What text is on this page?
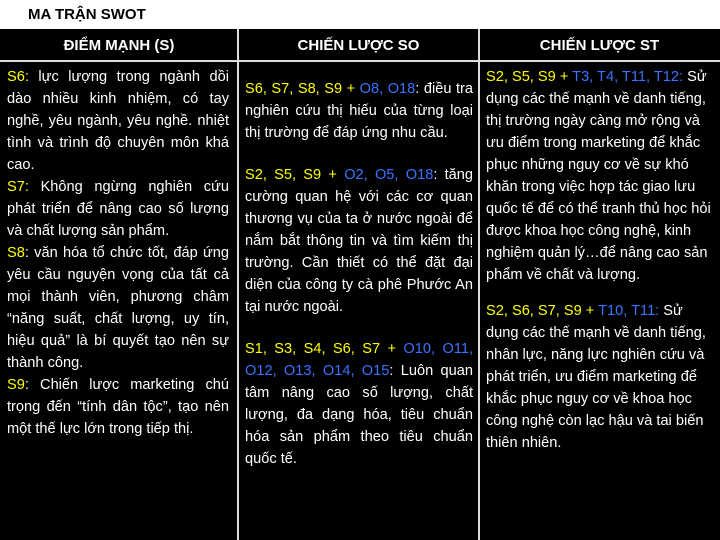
MA TRẬN SWOT
ĐIỂM MẠNH (S)	CHIẾN LƯỢC SO	CHIẾN LƯỢC ST
S6: lực lượng trong ngành dồi dào nhiều kinh nhiệm, có tay nghề, yêu ngành, yêu nghề. nhiệt tình và trình độ chuyên môn khá cao.
S7: Không ngừng nghiên cứu phát triển để nâng cao số lượng và chất lượng sản phẩm.
S8: văn hóa tổ chức tốt, đáp ứng yêu cầu nguyện vọng của tất cả mọi thành viên, phương châm “năng suất, chất lượng, uy tín, hiệu quả” là bí quyết tạo nên sự thành công.
S9: Chiến lược marketing chú trọng đến “tính dân tộc”, tạo nên một thế lực lớn trong tiếp thị.
S6, S7, S8, S9 + O8, O18: điều tra nghiên cứu thị hiếu của từng loại thị trường để đáp ứng nhu cầu.
S2, S5, S9 + O2, O5, O18: tăng cường quan hệ với các cơ quan thương vụ của ta ở nước ngoài để nắm bắt thông tin và tìm kiếm thị trường. Cần thiết có thể đặt đại diện của công ty cà phê Phước An tại nước ngoài.
S1, S3, S4, S6, S7 + O10, O11, O12, O13, O14, O15: Luôn quan tâm nâng cao số lượng, chất lượng, đa dạng hóa, tiêu chuẩn hóa sản phẩm theo tiêu chuẩn quốc tế.
S2, S5, S9 + T3, T4, T11, T12: Sử dụng các thế mạnh về danh tiếng, thị trường ngày càng mở rộng và ưu điểm trong marketing để khắc phục những nguy cơ về sự khó khăn trong việc hợp tác giao lưu quốc tế để có thể tranh thủ học hỏi được khoa học công nghệ, kinh nghiệm quản lý…để nâng cao sản phẩm về chất và lượng.
S2, S6, S7, S9 + T10, T11: Sử dụng các thế mạnh về danh tiếng, nhân lực, năng lực nghiên cứu và phát triển, ưu điểm marketing để khắc phục nguy cơ về khoa học công nghệ còn lạc hậu và tai biến thiên nhiên.
